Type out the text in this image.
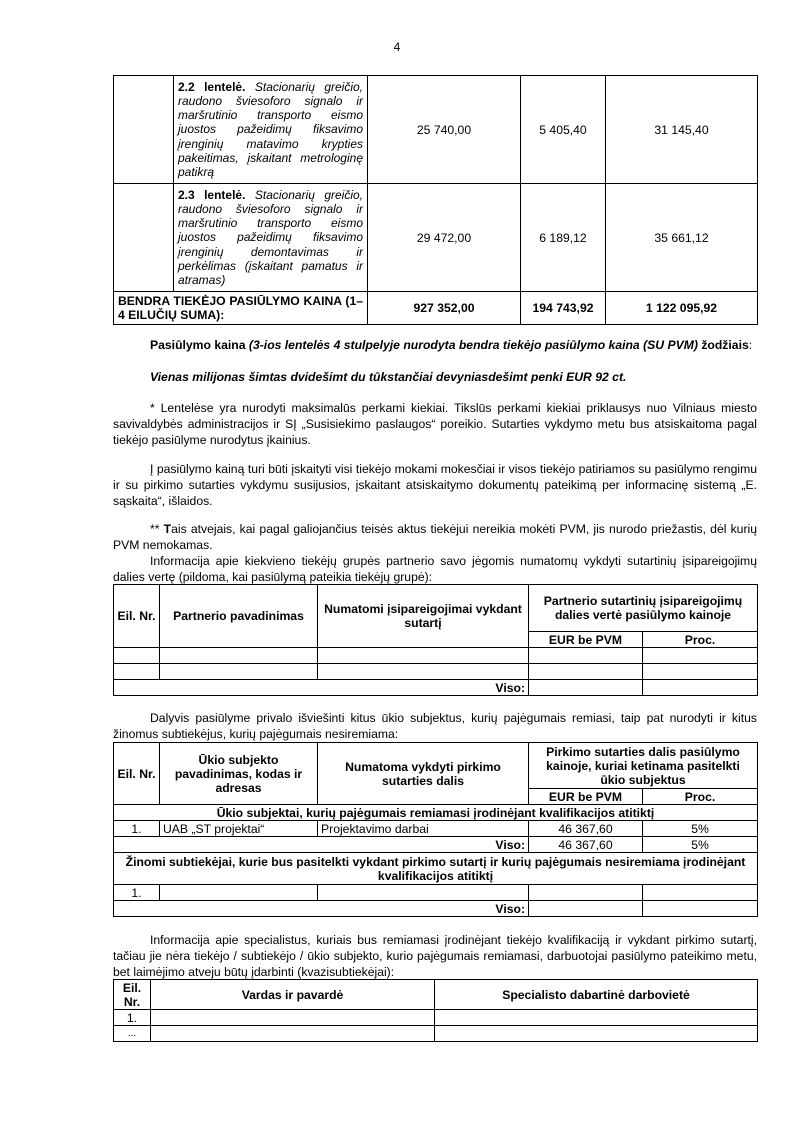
4
	2.2 lentelė. Stacionarių greičio, raudono šviesoforo signalo ir maršrutinio transporto eismo juostos pažeidimų fiksavimo įrenginių matavimo krypties pakeitimas, įskaitant metrologinę patikrą	25 740,00	5 405,40	31 145,40
	2.3 lentelė. Stacionarių greičio, raudono šviesoforo signalo ir maršrutinio transporto eismo juostos pažeidimų fiksavimo įrenginių demontavimas ir perkėlimas (įskaitant pamatus ir atramas)	29 472,00	6 189,12	35 661,12
BENDRA TIEKĖJO PASIŪLYMO KAINA (1–4 EILUČIŲ SUMA):		927 352,00	194 743,92	1 122 095,92
Pasiūlymo kaina (3-ios lentelės 4 stulpelyje nurodyta bendra tiekėjo pasiūlymo kaina (SU PVM) žodžiais:
Vienas milijonas šimtas dvidešimt du tūkstančiai devyniasdešimt penki EUR 92 ct.
* Lentelėse yra nurodyti maksimalūs perkami kiekiai. Tikslūs perkami kiekiai priklausys nuo Vilniaus miesto savivaldybės administracijos ir SĮ „Susisiekimo paslaugos“ poreikio. Sutarties vykdymo metu bus atsiskaitoma pagal tiekėjo pasiūlyme nurodytus įkainius.
Į pasiūlymo kainą turi būti įskaityti visi tiekėjo mokami mokesčiai ir visos tiekėjo patiriamos su pasiūlymo rengimu ir su pirkimo sutarties vykdymu susijusios, įskaitant atsiskaitymo dokumentų pateikimą per informacinę sistemą „E. sąskaita“, išlaidos.
** Tais atvejais, kai pagal galiojančius teisės aktus tiekėjui nereikia mokėti PVM, jis nurodo priežastis, dėl kurių PVM nemokamas.
Informacija apie kiekvieno tiekėjų grupės partnerio savo jėgomis numatomų vykdyti sutartinių įsipareigojimų dalies vertę (pildoma, kai pasiūlymą pateikia tiekėjų grupė):
Eil. Nr.	Partnerio pavadinimas	Numatomi įsipareigojimai vykdant sutartį	Partnerio sutartinių įsipareigojimų dalies vertė pasiūlymo kainoje	
			EUR be PVM	Proc.

Viso:				
Dalyvis pasiūlyme privalo išviešinti kitus ūkio subjektus, kurių pajėgumais remiasi, taip pat nurodyti ir kitus žinomus subtiekėjus, kurių pajėgumais nesiremiama:
Eil. Nr.	Ūkio subjekto pavadinimas, kodas ir adresas	Numatoma vykdyti pirkimo sutarties dalis	Pirkimo sutarties dalis pasiūlymo kainoje, kuriai ketinama pasitelkti ūkio subjektus	
			EUR be PVM	Proc.
Ūkio subjektai, kurių pajėgumais remiamasi įrodinėjant kvalifikacijos atitiktį				
1.	UAB „ST projektai“	Projektavimo darbai	46 367,60	5%
Viso:			46 367,60	5%
Žinomi subtiekėjai, kurie bus pasitelkti vykdant pirkimo sutartį ir kurių pajėgumais nesiremiama įrodinėjant kvalifikacijos atitiktį				
1.				
Viso:				
Informacija apie specialistus, kuriais bus remiamasi įrodinėjant tiekėjo kvalifikaciją ir vykdant pirkimo sutartį, tačiau jie nėra tiekėjo / subtiekėjo / ūkio subjekto, kurio pajėgumais remiamasi, darbuotojai pasiūlymo pateikimo metu, bet laimėjimo atveju būtų įdarbinti (kvazisubtiekėjai):
Eil. Nr.	Vardas ir pavardė	Specialisto dabartinė darbovietė
1.		
...		
